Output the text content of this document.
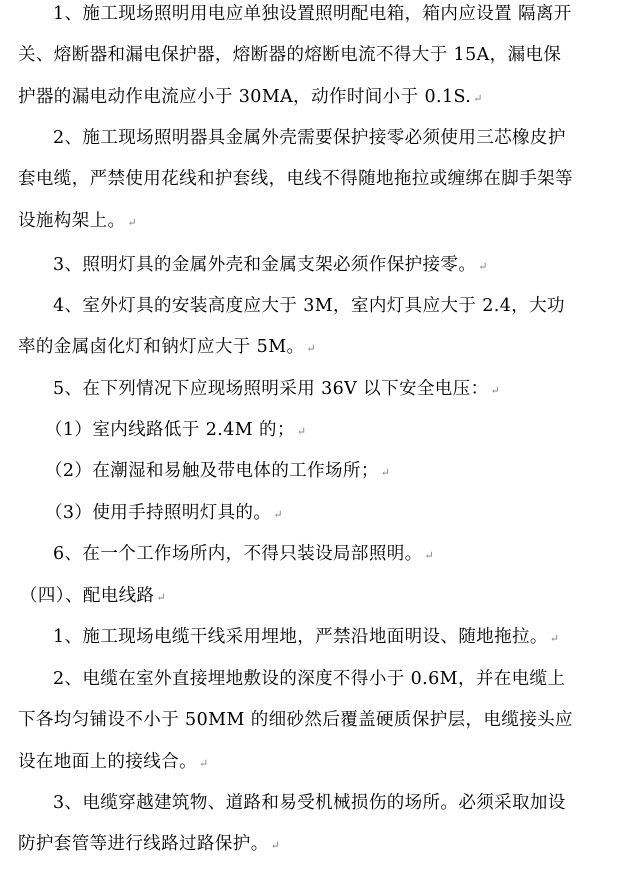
1、施工现场照明用电应单独设置照明配电箱，箱内应设置 隔离开关、熔断器和漏电保护器，熔断器的熔断电流不得大于 15A，漏电保护器的漏电动作电流应小于 30MA，动作时间小于 0.1S. ↵
2、施工现场照明器具金属外壳需要保护接零必须使用三芯橡皮护套电缆，严禁使用花线和护套线，电线不得随地拖拉或缠绑在脚手架等设施构架上。 ↵
3、照明灯具的金属外壳和金属支架必须作保护接零。 ↵
4、室外灯具的安装高度应大于 3M，室内灯具应大于 2.4，大功率的金属卤化灯和钠灯应大于 5M。 ↵
5、在下列情况下应现场照明采用 36V 以下安全电压： ↵
（1）室内线路低于 2.4M 的； ↵
（2）在潮湿和易触及带电体的工作场所； ↵
（3）使用手持照明灯具的。 ↵
6、在一个工作场所内，不得只装设局部照明。 ↵
（四）、配电线路 ↵
1、施工现场电缆干线采用埋地，严禁沿地面明设、随地拖拉。 ↵
2、电缆在室外直接埋地敷设的深度不得小于 0.6M，并在电缆上下各均匀铺设不小于 50MM 的细砂然后覆盖硬质保护层，电缆接头应设在地面上的接线合。 ↵
3、电缆穿越建筑物、道路和易受机械损伤的场所。必须采取加设防护套管等进行线路过路保护。 ↵
